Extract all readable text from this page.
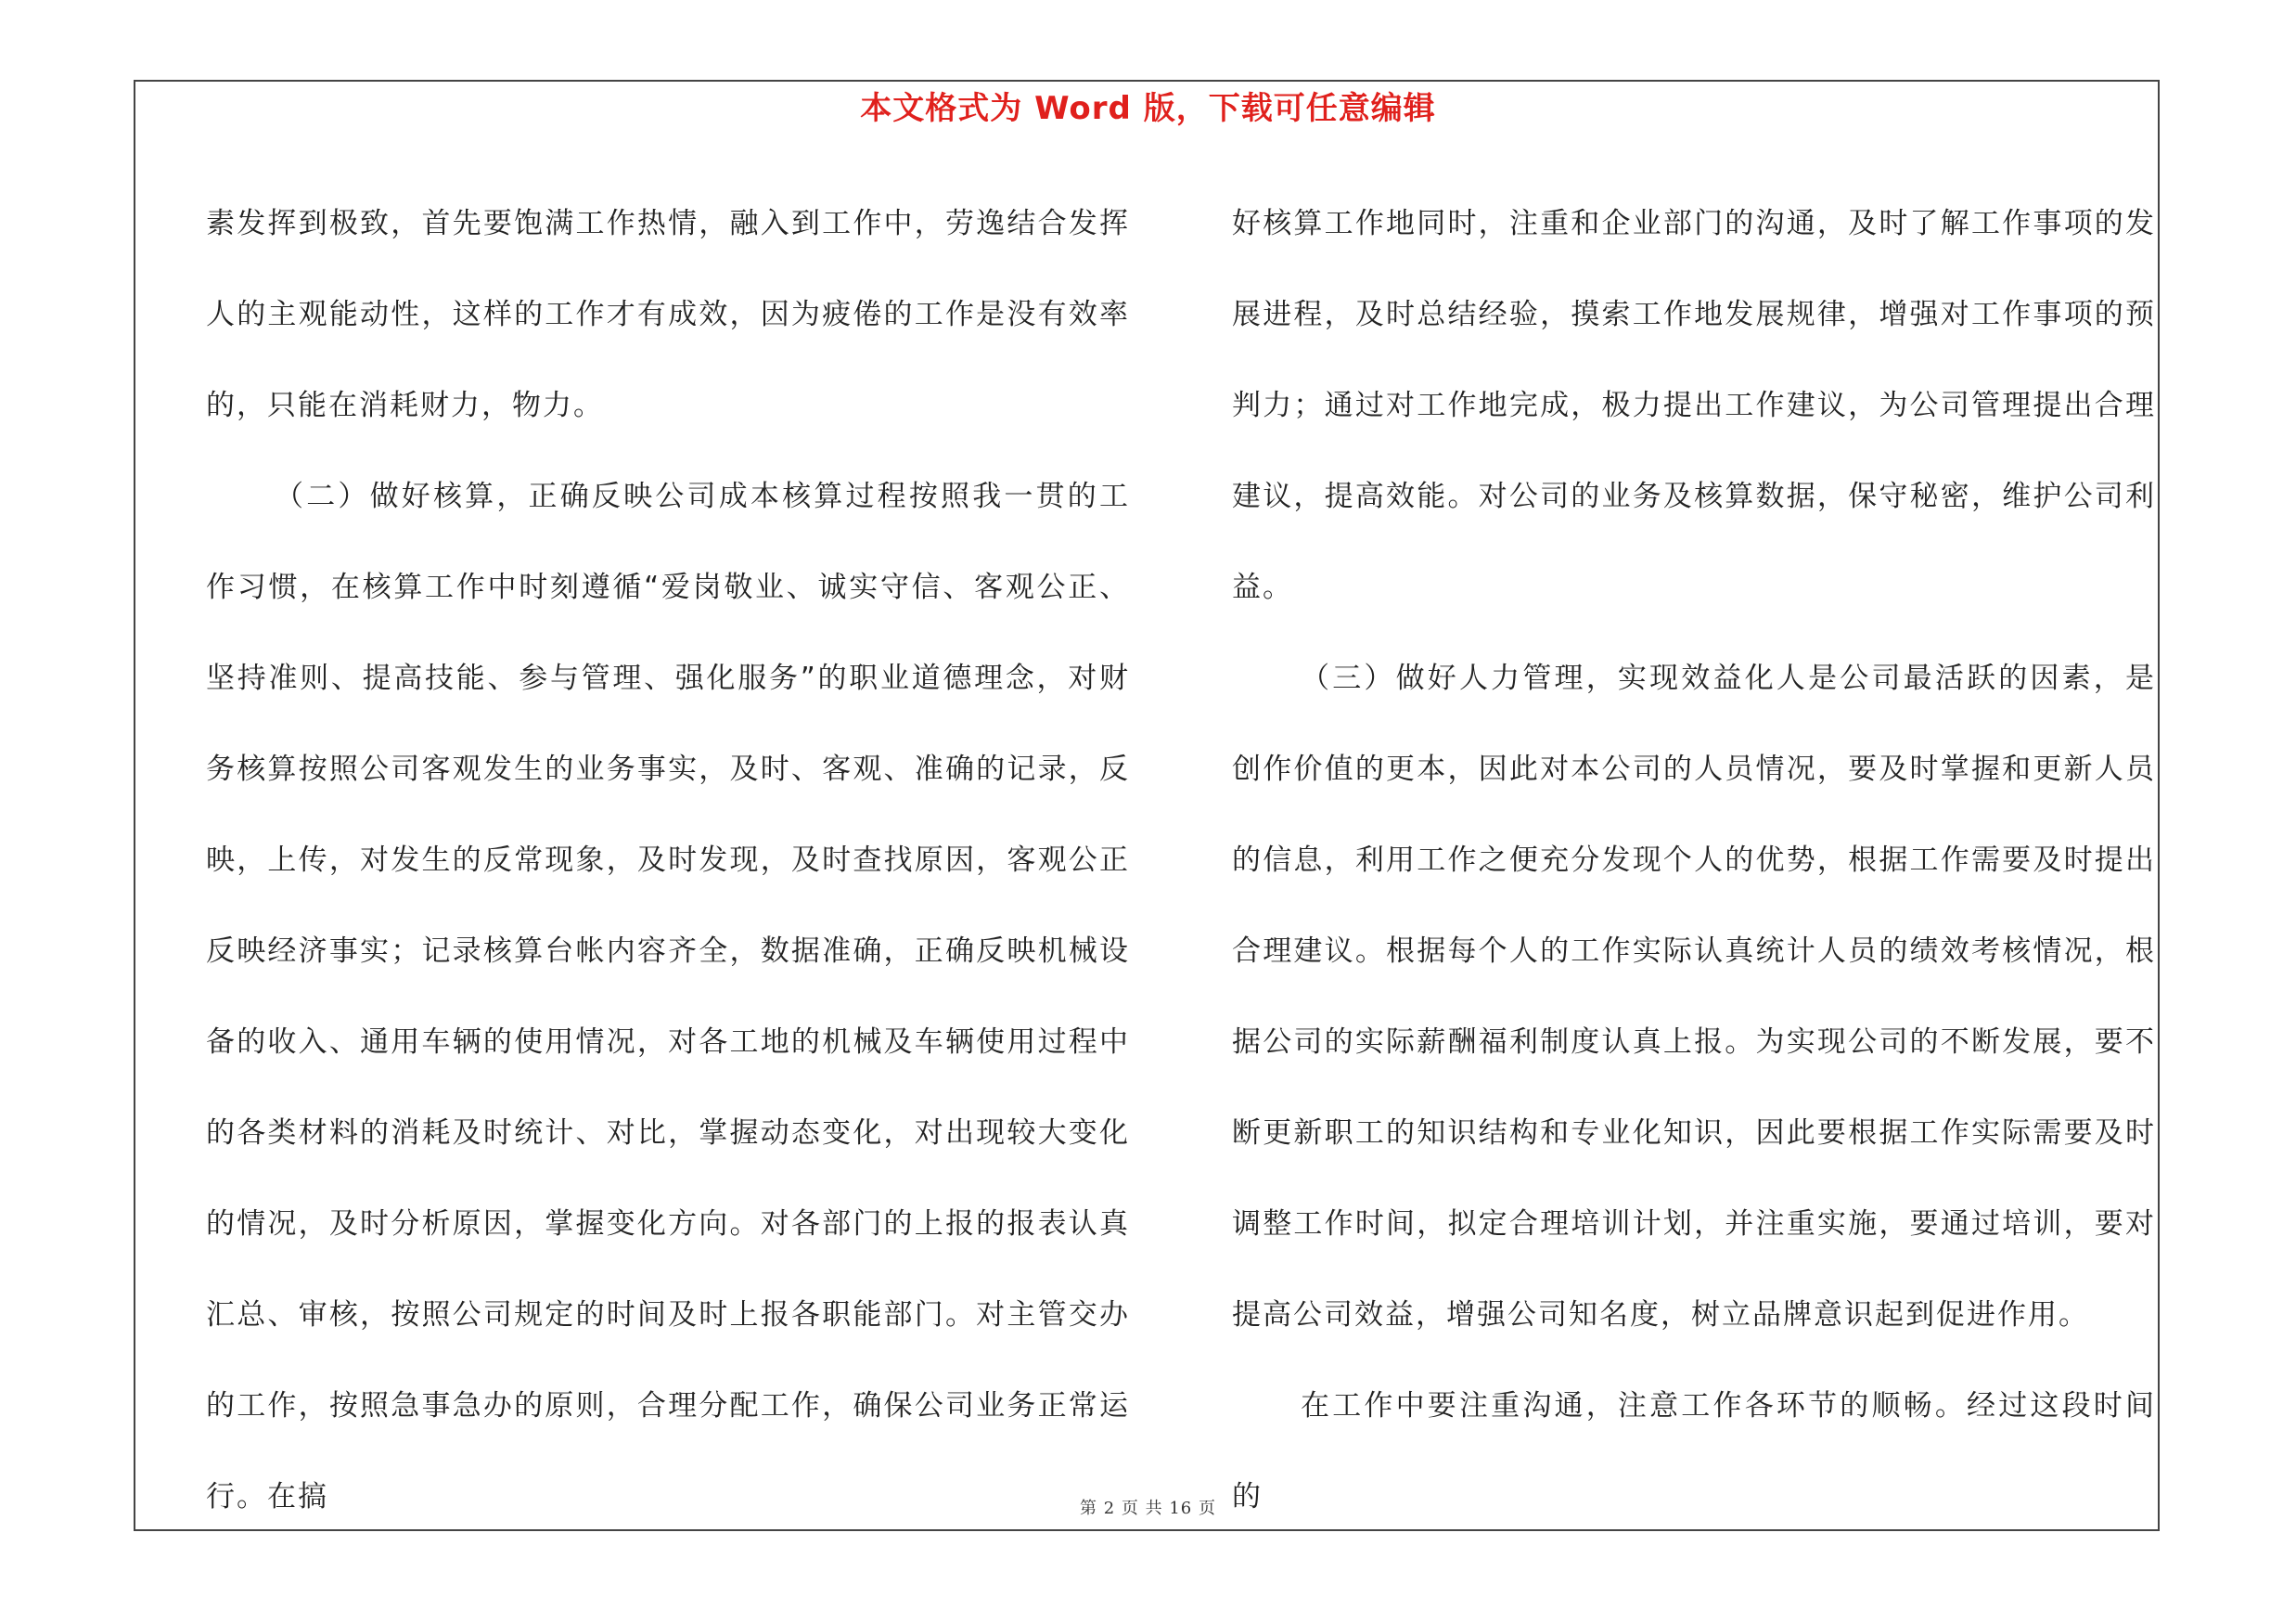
本文格式为 Word 版，下载可任意编辑

素发挥到极致，首先要饱满工作热情，融入到工作中，劳逸结合发挥人的主观能动性，这样的工作才有成效，因为疲倦的工作是没有效率的，只能在消耗财力，物力。

（二）做好核算，正确反映公司成本核算过程按照我一贯的工作习惯，在核算工作中时刻遵循“爱岗敬业、诚实守信、客观公正、坚持准则、提高技能、参与管理、强化服务”的职业道德理念，对财务核算按照公司客观发生的业务事实，及时、客观、准确的记录，反映，上传，对发生的反常现象，及时发现，及时查找原因，客观公正反映经济事实；记录核算台帐内容齐全，数据准确，正确反映机械设备的收入、通用车辆的使用情况，对各工地的机械及车辆使用过程中的各类材料的消耗及时统计、对比，掌握动态变化，对出现较大变化的情况，及时分析原因，掌握变化方向。对各部门的上报的报表认真汇总、审核，按照公司规定的时间及时上报各职能部门。对主管交办的工作，按照急事急办的原则，合理分配工作，确保公司业务正常运行。在搞

好核算工作地同时，注重和企业部门的沟通，及时了解工作事项的发展进程，及时总结经验，摸索工作地发展规律，增强对工作事项的预判力；通过对工作地完成，极力提出工作建议，为公司管理提出合理建议，提高效能。对公司的业务及核算数据，保守秘密，维护公司利益。

（三）做好人力管理，实现效益化人是公司最活跃的因素，是创作价值的更本，因此对本公司的人员情况，要及时掌握和更新人员的信息，利用工作之便充分发现个人的优势，根据工作需要及时提出合理建议。根据每个人的工作实际认真统计人员的绩效考核情况，根据公司的实际薪酬福利制度认真上报。为实现公司的不断发展，要不断更新职工的知识结构和专业化知识，因此要根据工作实际需要及时调整工作时间，拟定合理培训计划，并注重实施，要通过培训，要对提高公司效益，增强公司知名度，树立品牌意识起到促进作用。

在工作中要注重沟通，注意工作各环节的顺畅。经过这段时间的

第 2 页 共 16 页
